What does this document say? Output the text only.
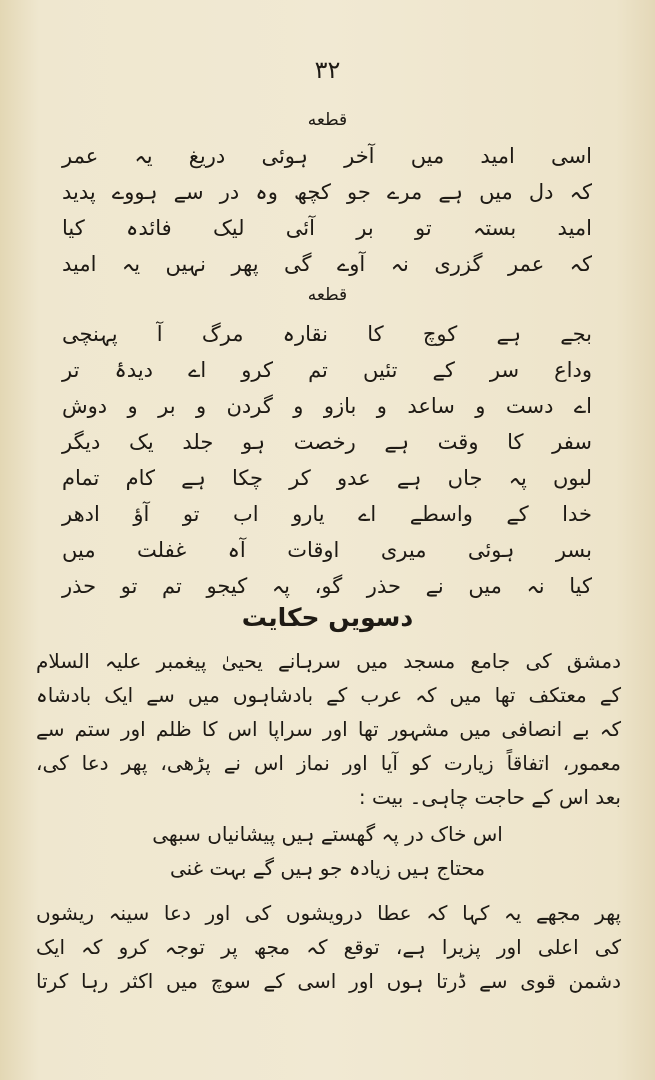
۳۲
قطعه
اسی امید میں آخر ہوئی دریغ یہ عمر
کہ دل میں ہے مرے جو کچھ وہ در سے ہووے پدید
امید بستہ تو بر آئی لیک فائدہ کیا
کہ عمر گزری نہ آوے گی پھر نہیں یہ امید
قطعه
بجے ہے کوچ کا نقارہ مرگ آ پہنچی
وداع سر کے تئیں تم کرو اے دیدۂ تر
اے دست و ساعد و بازو و گردن و بر و دوش
سفر کا وقت ہے رخصت ہو جلد یک دیگر
لبوں پہ جاں ہے عدو کر چکا ہے کام تمام
خدا کے واسطے اے یارو اب تو آؤ ادھر
بسر ہوئی میری اوقات آہ غفلت میں
کیا نہ میں نے حذر گو، پہ کیجو تم تو حذر
دسویں حکایت
دمشق کی جامع مسجد میں سرہانے یحییٰ پیغمبر علیہ السلام
کے معتکف تھا میں کہ عرب کے بادشاہوں میں سے ایک بادشاہ
کہ بے انصافی میں مشہور تھا اور سراپا اس کا ظلم اور ستم سے
معمور، اتفاقاً زیارت کو آیا اور نماز اس نے پڑھی، پھر دعا کی،
بعد اس کے حاجت چاہی۔ بیت :
اس خاک در پہ گھستے ہیں پیشانیاں سبھی
محتاج ہیں زیادہ جو ہیں گے بہت غنی
پھر مجھے یہ کہا کہ عطا درویشوں کی اور دعا سینہ ریشوں
کی اعلی اور پزیرا ہے، توقع کہ مجھ پر توجہ کرو کہ ایک
دشمن قوی سے ڈرتا ہوں اور اسی کے سوچ میں اکثر رہا کرتا
